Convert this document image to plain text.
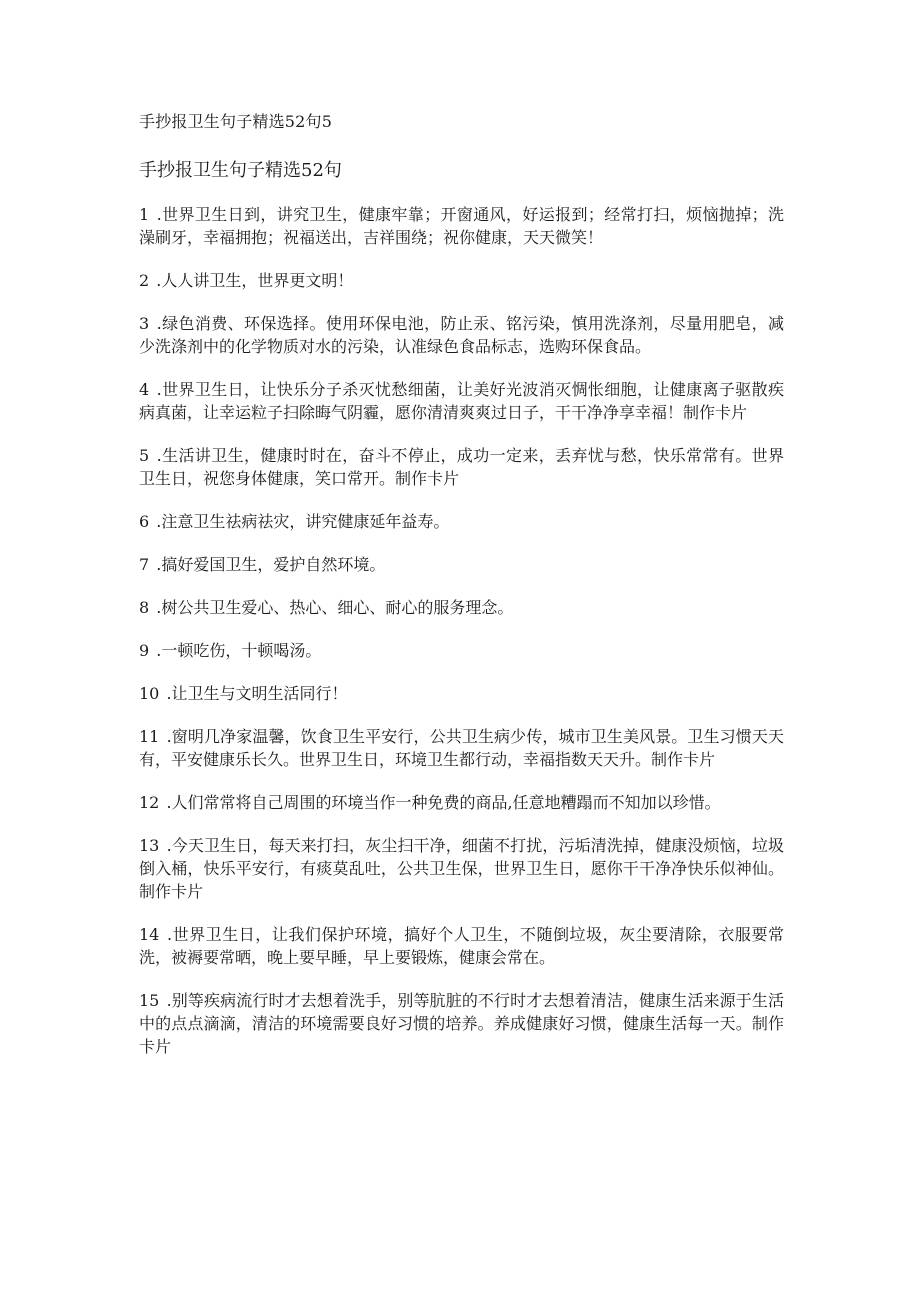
手抄报卫生句子精选52句5
手抄报卫生句子精选52句

1 .世界卫生日到，讲究卫生，健康牢靠；开窗通风，好运报到；经常打扫，烦恼抛掉；洗澡刷牙，幸福拥抱；祝福送出，吉祥围绕；祝你健康，天天微笑！

2 .人人讲卫生，世界更文明！

3 .绿色消费、环保选择。使用环保电池，防止汞、铭污染，慎用洗涤剂，尽量用肥皂，减少洗涤剂中的化学物质对水的污染，认准绿色食品标志，选购环保食品。

4 .世界卫生日，让快乐分子杀灭忧愁细菌，让美好光波消灭惆怅细胞，让健康离子驱散疾病真菌，让幸运粒子扫除晦气阴霾，愿你清清爽爽过日子，干干净净享幸福！制作卡片

5 .生活讲卫生，健康时时在，奋斗不停止，成功一定来，丢弃忧与愁，快乐常常有。世界卫生日，祝您身体健康，笑口常开。制作卡片

6 .注意卫生祛病祛灾，讲究健康延年益寿。

7 .搞好爱国卫生，爱护自然环境。

8 .树公共卫生爱心、热心、细心、耐心的服务理念。

9 .一顿吃伤，十顿喝汤。

10 .让卫生与文明生活同行！

11 .窗明几净家温馨，饮食卫生平安行，公共卫生病少传，城市卫生美风景。卫生习惯天天有，平安健康乐长久。世界卫生日，环境卫生都行动，幸福指数天天升。制作卡片

12 .人们常常将自己周围的环境当作一种免费的商品,任意地糟蹋而不知加以珍惜。

13 .今天卫生日，每天来打扫，灰尘扫干净，细菌不打扰，污垢清洗掉，健康没烦恼，垃圾倒入桶，快乐平安行，有痰莫乱吐，公共卫生保，世界卫生日，愿你干干净净快乐似神仙。制作卡片

14 .世界卫生日，让我们保护环境，搞好个人卫生，不随倒垃圾，灰尘要清除，衣服要常洗，被褥要常晒，晚上要早睡，早上要锻炼，健康会常在。

15 .别等疾病流行时才去想着洗手，别等肮脏的不行时才去想着清洁，健康生活来源于生活中的点点滴滴，清洁的环境需要良好习惯的培养。养成健康好习惯，健康生活每一天。制作卡片
